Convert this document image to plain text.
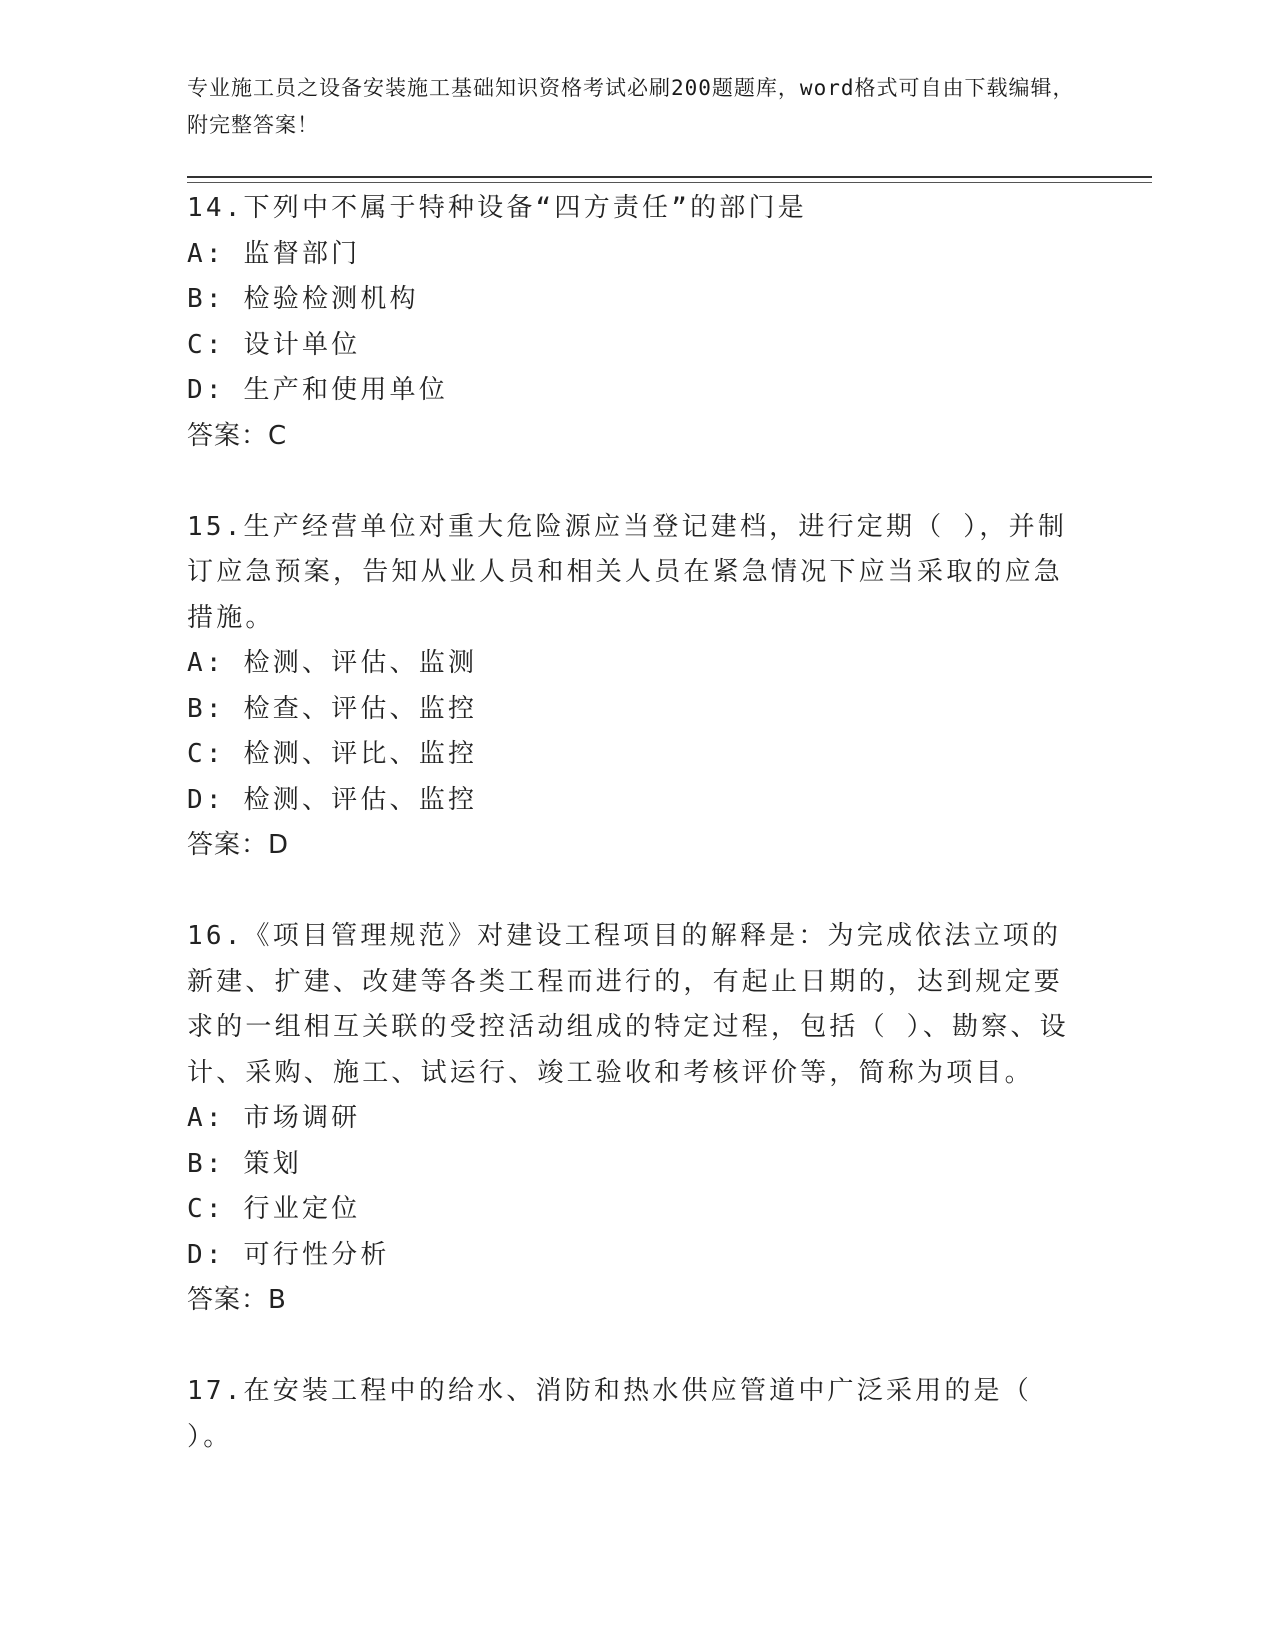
专业施工员之设备安装施工基础知识资格考试必刷200题题库，word格式可自由下载编辑，附完整答案！

14.下列中不属于特种设备“四方责任”的部门是

A: 监督部门

B: 检验检测机构

C: 设计单位

D: 生产和使用单位

答案：C

15.生产经营单位对重大危险源应当登记建档，进行定期（ ），并制订应急预案，告知从业人员和相关人员在紧急情况下应当采取的应急措施。

A: 检测、评估、监测

B: 检查、评估、监控

C: 检测、评比、监控

D: 检测、评估、监控

答案：D

16.《项目管理规范》对建设工程项目的解释是：为完成依法立项的新建、扩建、改建等各类工程而进行的，有起止日期的，达到规定要求的一组相互关联的受控活动组成的特定过程，包括（ ）、勘察、设计、采购、施工、试运行、竣工验收和考核评价等，简称为项目。

A: 市场调研

B: 策划

C: 行业定位

D: 可行性分析

答案：B

17.在安装工程中的给水、消防和热水供应管道中广泛采用的是（ ）。
